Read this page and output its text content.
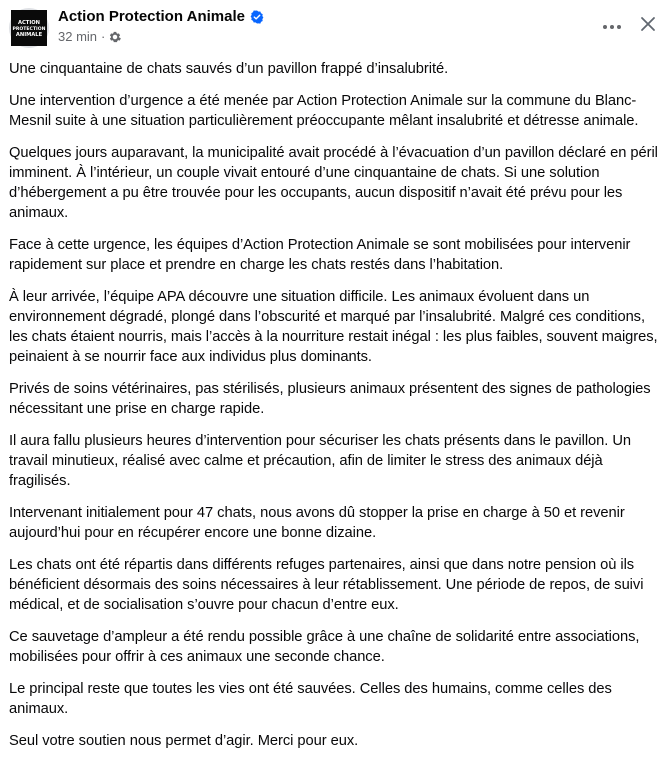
ACTION
PROTECTION
ANIMALE
Action Protection Animale
32 min ·

Une cinquantaine de chats sauvés d’un pavillon frappé d’insalubrité.

Une intervention d’urgence a été menée par Action Protection Animale sur la commune du Blanc-Mesnil suite à une situation particulièrement préoccupante mêlant insalubrité et détresse animale.

Quelques jours auparavant, la municipalité avait procédé à l’évacuation d’un pavillon déclaré en péril imminent. À l’intérieur, un couple vivait entouré d’une cinquantaine de chats. Si une solution d’hébergement a pu être trouvée pour les occupants, aucun dispositif n’avait été prévu pour les animaux.

Face à cette urgence, les équipes d’Action Protection Animale se sont mobilisées pour intervenir rapidement sur place et prendre en charge les chats restés dans l’habitation.

À leur arrivée, l’équipe APA découvre une situation difficile. Les animaux évoluent dans un environnement dégradé, plongé dans l’obscurité et marqué par l’insalubrité. Malgré ces conditions, les chats étaient nourris, mais l’accès à la nourriture restait inégal : les plus faibles, souvent maigres, peinaient à se nourrir face aux individus plus dominants.

Privés de soins vétérinaires, pas stérilisés, plusieurs animaux présentent des signes de pathologies nécessitant une prise en charge rapide.

Il aura fallu plusieurs heures d’intervention pour sécuriser les chats présents dans le pavillon. Un travail minutieux, réalisé avec calme et précaution, afin de limiter le stress des animaux déjà fragilisés.

Intervenant initialement pour 47 chats, nous avons dû stopper la prise en charge à 50 et revenir aujourd’hui pour en récupérer encore une bonne dizaine.

Les chats ont été répartis dans différents refuges partenaires, ainsi que dans notre pension où ils bénéficient désormais des soins nécessaires à leur rétablissement. Une période de repos, de suivi médical, et de socialisation s’ouvre pour chacun d’entre eux.

Ce sauvetage d’ampleur a été rendu possible grâce à une chaîne de solidarité entre associations, mobilisées pour offrir à ces animaux une seconde chance.

Le principal reste que toutes les vies ont été sauvées. Celles des humains, comme celles des animaux.

Seul votre soutien nous permet d’agir. Merci pour eux.
